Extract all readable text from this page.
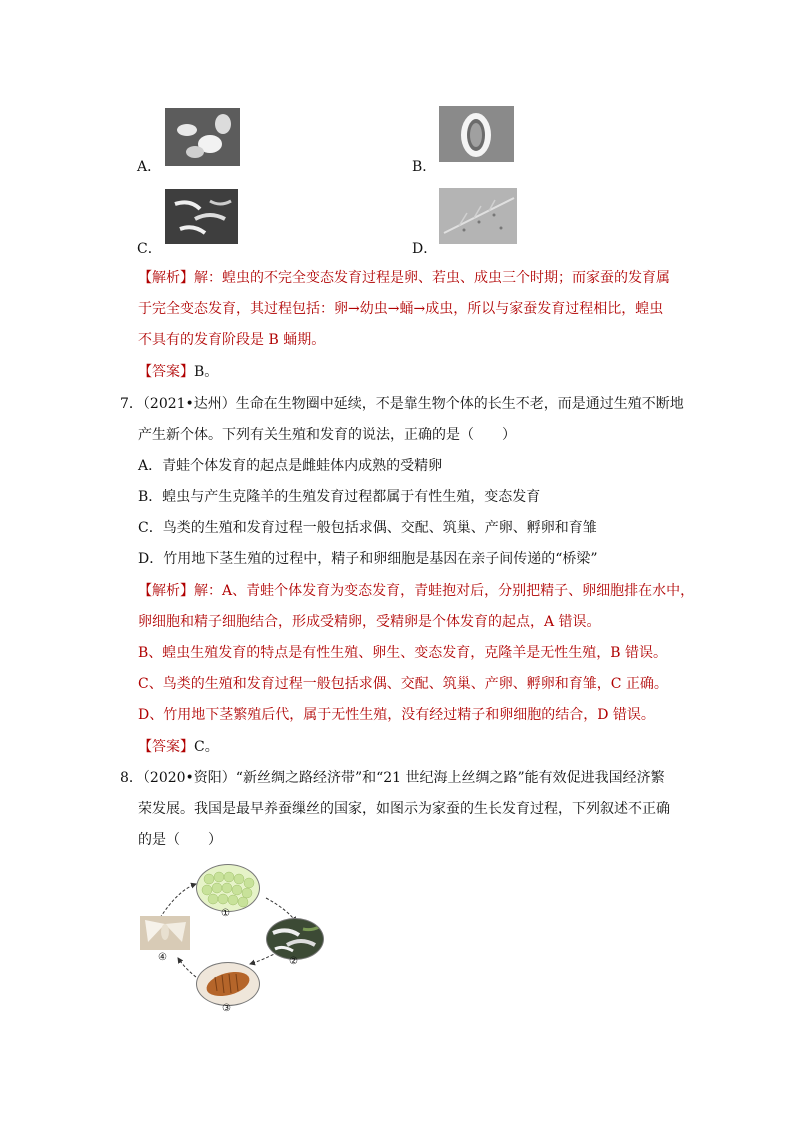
A．	B．
C．	D．
【解析】解：蝗虫的不完全变态发育过程是卵、若虫、成虫三个时期；而家蚕的发育属
于完全变态发育，其过程包括：卵→幼虫→蛹→成虫，所以与家蚕发育过程相比，蝗虫
不具有的发育阶段是 B 蛹期。
【答案】B。
7．（2021•达州）生命在生物圈中延续，不是靠生物个体的长生不老，而是通过生殖不断地
产生新个体。下列有关生殖和发育的说法，正确的是（　　）
A．青蛙个体发育的起点是雌蛙体内成熟的受精卵
B．蝗虫与产生克隆羊的生殖发育过程都属于有性生殖，变态发育
C．鸟类的生殖和发育过程一般包括求偶、交配、筑巢、产卵、孵卵和育雏
D．竹用地下茎生殖的过程中，精子和卵细胞是基因在亲子间传递的“桥梁”
【解析】解：A、青蛙个体发育为变态发育，青蛙抱对后，分别把精子、卵细胞排在水中，
卵细胞和精子细胞结合，形成受精卵，受精卵是个体发育的起点，A 错误。
B、蝗虫生殖发育的特点是有性生殖、卵生、变态发育，克隆羊是无性生殖，B 错误。
C、鸟类的生殖和发育过程一般包括求偶、交配、筑巢、产卵、孵卵和育雏，C 正确。
D、竹用地下茎繁殖后代，属于无性生殖，没有经过精子和卵细胞的结合，D 错误。
【答案】C。
8．（2020•资阳）“新丝绸之路经济带”和“21 世纪海上丝绸之路”能有效促进我国经济繁
荣发展。我国是最早养蚕缫丝的国家，如图示为家蚕的生长发育过程，下列叙述不正确
的是（　　）
①
②
③
④
